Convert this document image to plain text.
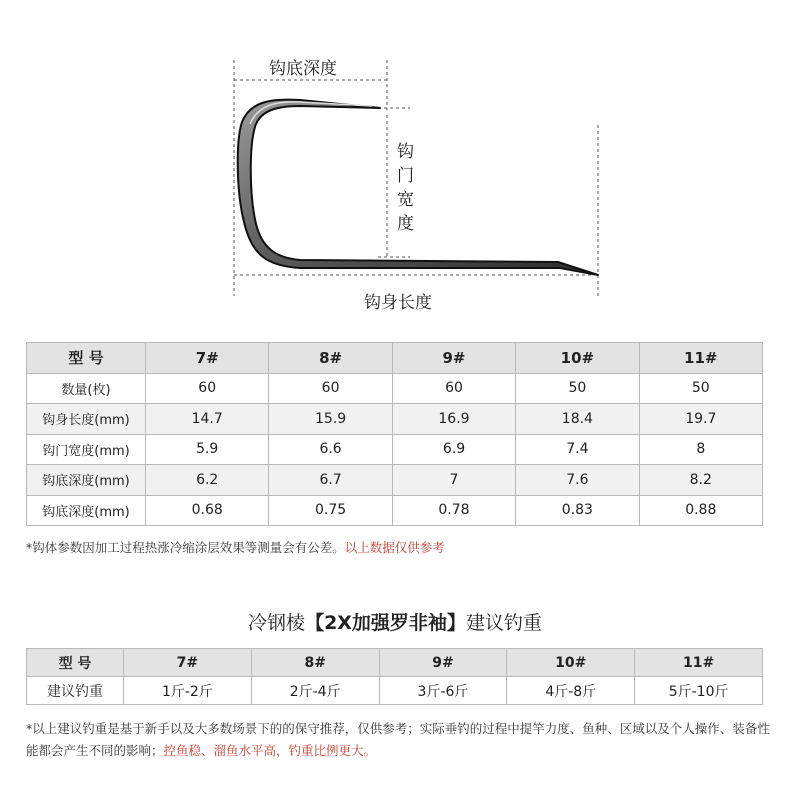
钩底深度
钩
门
宽
度
钩身长度
型 号	7#	8#	9#	10#	11#
数量(枚)	60	60	60	50	50
钩身长度(mm)	14.7	15.9	16.9	18.4	19.7
钩门宽度(mm)	5.9	6.6	6.9	7.4	8
钩底深度(mm)	6.2	6.7	7	7.6	8.2
钩底深度(mm)	0.68	0.75	0.78	0.83	0.88
*钩体参数因加工过程热涨冷缩涂层效果等测量会有公差。以上数据仅供参考
冷钢棱【2X加强罗非袖】建议钓重
型 号	7#	8#	9#	10#	11#
建议钓重	1斤-2斤	2斤-4斤	3斤-6斤	4斤-8斤	5斤-10斤
*以上建议钓重是基于新手以及大多数场景下的的保守推荐，仅供参考；实际垂钓的过程中提竿力度、鱼种、区域以及个人操作、装备性能都会产生不同的影响；控鱼稳、溜鱼水平高，钓重比例更大。
